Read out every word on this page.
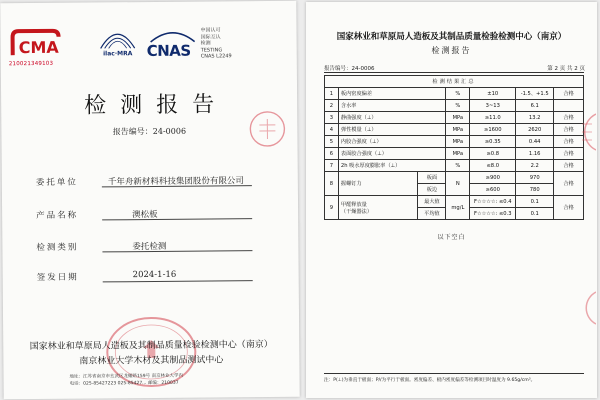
CMA
210021349103
ilac·MRA CNAS
中国认可
国际互认
检测
TESTING
CNAS L2249
检测报告
报告编号：24-0006
委托单位	千年舟新材料科技集团股份有限公司
产品名称	澳松板
检测类别	委托检测
签发日期	2024-1-16
国家林业和草原局人造板及其制品质量检验检测中心（南京）
南京林业大学木材及其制品测试中心
地址：江苏省南京市玄武区龙蟠路159号 南京林业大学内
电话：025-85427223 025-85427... 邮编：210037
国家林业和草原局人造板及其制品质量检验检测中心（南京）
检测报告
报告编号：24-0006	第 2 页 共 2 页
检测结果汇总						
1	板内密度偏差		%	±10	-1.5、+1.5	合格
2	含水率		%	3~13	6.1	
3	静曲强度（⊥）		MPa	≥11.0	13.2	合格
4	弹性模量（⊥）		MPa	≥1600	2620	合格
5	内胶合强度（⊥）		MPa	≥0.35	0.44	合格
6	表面胶合强度（⊥）		MPa	≥0.8	1.16	合格
7	2h 吸水厚度膨胀率（⊥）		%	≤8.0	2.2	合格
8	握螺钉力	板面	N	≥900	970	合格
		板边		≥600	780	
9	甲醛释放量
（干燥器法）	最大值	mg/L	F☆☆☆☆: ≤0.4	0.1	合格
		平均值		F☆☆☆☆: ≤0.3	0.1	
以下空白
注：P(⊥)为垂直于板面；P//为平行于板面。密度偏差、板内密度偏差等检测项目时温度为 9.65g/cm³。
